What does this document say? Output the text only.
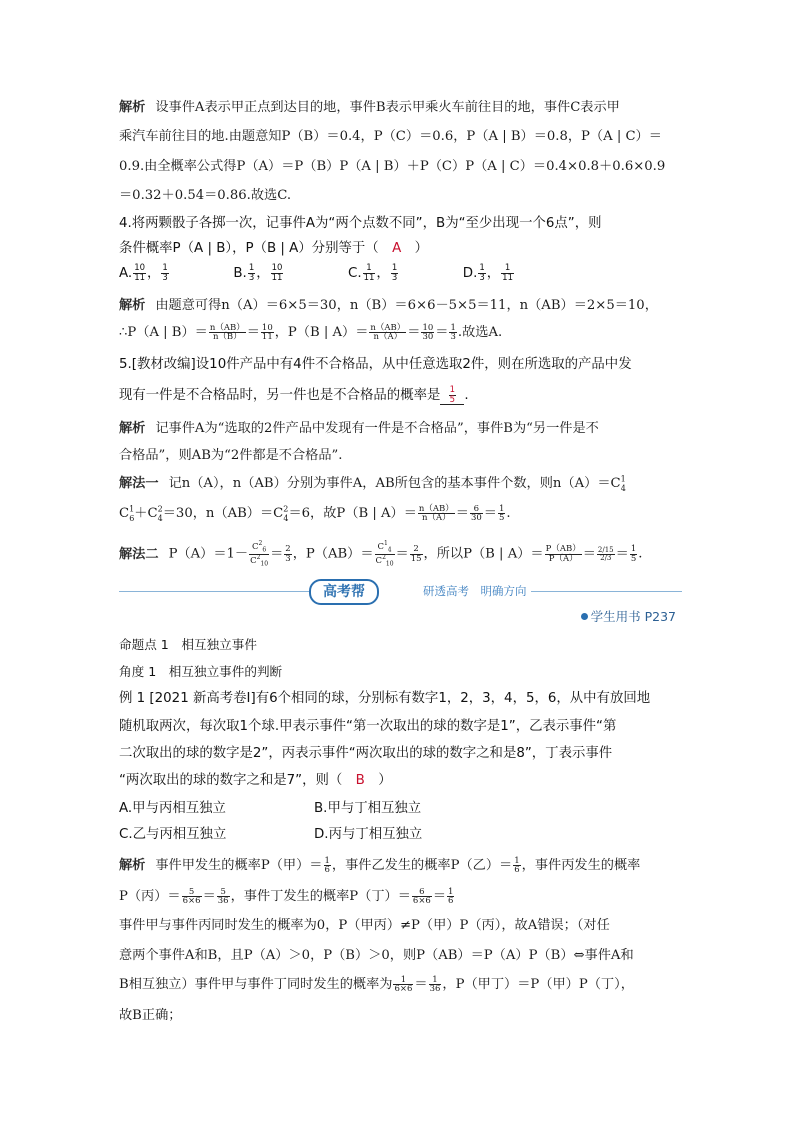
解析 设事件A表示甲正点到达目的地，事件B表示甲乘火车前往目的地，事件C表示甲
乘汽车前往目的地.由题意知P（B）＝0.4，P（C）＝0.6，P（A | B）＝0.8，P（A | C）＝
0.9.由全概率公式得P（A）＝P（B）P（A | B）＋P（C）P（A | C）＝0.4×0.8＋0.6×0.9
＝0.32＋0.54＝0.86.故选C.
4.将两颗骰子各掷一次，记事件A为“两个点数不同”，B为“至少出现一个6点”，则
条件概率P（A | B），P（B | A）分别等于（　 A　 ）
A. $\frac{10}{11}$ ， $\frac{1}{3}$	B. $\frac{1}{3}$ ， $\frac{10}{11}$	C. $\frac{1}{11}$ ， $\frac{1}{3}$	D. $\frac{1}{3}$ ， $\frac{1}{11}$
解析 由题意可得n（A）＝6×5＝30，n（B）＝6×6－5×5＝11，n（AB）＝2×5＝10，
∴P（A | $B)= \frac{n(AB)}{n(B)} = \frac{10}{11}$ ，P（B | $A)= \frac{n(AB)}{n(A)} = \frac{10}{30} = \frac{1}{3}$ .故选A.
5.[教材改编]设10件产品中有4件不合格品，从中任意选取2件，则在所选取的产品中发
现有一件是不合格品时，另一件也是不合格品的概率是 $\frac{1}{5}$ .
解析 记事件A为“选取的2件产品中发现有一件是不合格品”，事件B为“另一件是不
合格品”，则AB为“2件都是不合格品”.
解法一 记n（A），n（AB）分别为事件A，AB所包含的基本事件个数，则$n(A)=C^1_4$
$C^1_6+C^2_4=30$，$n(AB)=C^2_4=6$，故P（B | $A)= \frac{n(AB)}{n(A)} = \frac{6}{30} = \frac{1}{5}$ .
解法二 $P(A)=1- \frac{C^2_6}{C^2_{10}} = \frac{2}{3}$ ，$P(AB)= \frac{C^1_4}{C^2_{10}} = \frac{2}{15}$ ，所以P（B | $A)= \frac{P(AB)}{P(A)} = \frac{2/15}{2/3} = \frac{1}{5}$ .
高考帮	研透高考　明确方向
学生用书 P237
命题点 1　相互独立事件
角度 1　相互独立事件的判断
例 1 [2021 新高考卷Ⅰ]有6个相同的球，分别标有数字1，2，3，4，5，6，从中有放回地
随机取两次，每次取1个球.甲表示事件“第一次取出的球的数字是1”，乙表示事件“第
二次取出的球的数字是2”，丙表示事件“两次取出的球的数字之和是8”，丁表示事件
“两次取出的球的数字之和是7”，则（　 B　 ）
A.甲与丙相互独立	B.甲与丁相互独立
C.乙与丙相互独立	D.丙与丁相互独立
解析 事件甲发生的概率P（甲）＝ $\frac{1}{6}$ ，事件乙发生的概率P（乙）＝ $\frac{1}{6}$ ，事件丙发生的概率
P（丙）＝ $\frac{5}{6\times 6} = \frac{5}{36}$ ，事件丁发生的概率P（丁）＝ $\frac{6}{6\times 6} = \frac{1}{6}$
事件甲与事件丙同时发生的概率为0，P（甲丙）≠P（甲）P（丙），故A错误；（对任
意两个事件A和B，且P（A）＞0，P（B）＞0，则P（AB）＝P（A）P（B）⇔事件A和
B相互独立）事件甲与事件丁同时发生的概率为 $\frac{1}{6\times 6} = \frac{1}{36}$ ，P（甲丁）＝P（甲）P（丁），
故B正确；
